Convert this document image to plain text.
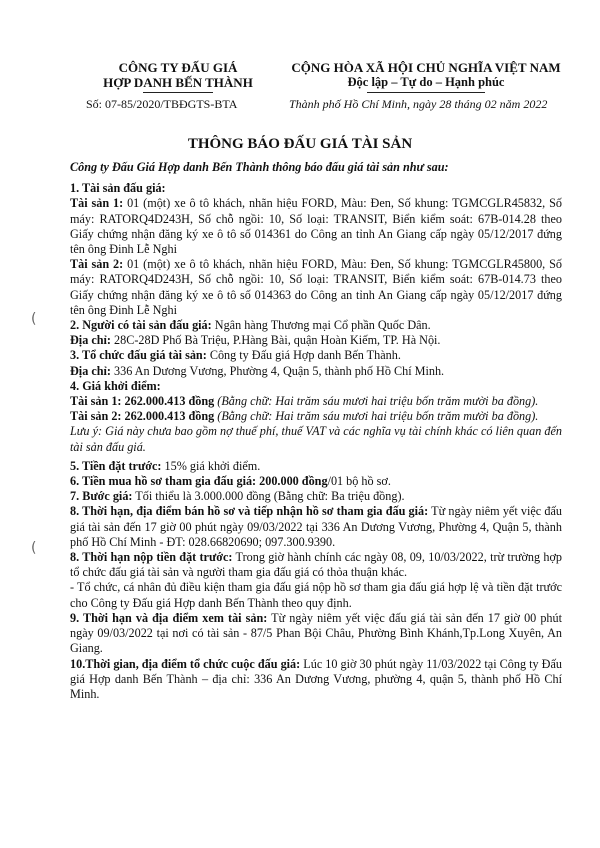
CÔNG TY ĐẤU GIÁ
HỢP DANH BẾN THÀNH
Số: 07-85/2020/TBĐGTS-BTA
CỘNG HÒA XÃ HỘI CHỦ NGHĨA VIỆT NAM
Độc lập – Tự do – Hạnh phúc
Thành phố Hồ Chí Minh, ngày 28 tháng 02 năm 2022
THÔNG BÁO ĐẤU GIÁ TÀI SẢN
(
(

Công ty Đấu Giá Hợp danh Bến Thành thông báo đấu giá tài sản như sau:

1. Tài sản đấu giá:

Tài sản 1: 01 (một) xe ô tô khách, nhãn hiệu FORD, Màu: Đen, Số khung: TGMCGLR45832, Số máy: RATORQ4D243H, Số chỗ ngồi: 10, Số loại: TRANSIT, Biển kiểm soát: 67B-014.28 theo Giấy chứng nhận đăng ký xe ô tô số 014361 do Công an tỉnh An Giang cấp ngày 05/12/2017 đứng tên ông Đinh Lễ Nghi

Tài sản 2: 01 (một) xe ô tô khách, nhãn hiệu FORD, Màu: Đen, Số khung: TGMCGLR45800, Số máy: RATORQ4D243H, Số chỗ ngồi: 10, Số loại: TRANSIT, Biển kiểm soát: 67B-014.73 theo Giấy chứng nhận đăng ký xe ô tô số 014363 do Công an tỉnh An Giang cấp ngày 05/12/2017 đứng tên ông Đinh Lễ Nghi

2. Người có tài sản đấu giá: Ngân hàng Thương mại Cổ phần Quốc Dân.

Địa chỉ: 28C-28D Phố Bà Triệu, P.Hàng Bài, quận Hoàn Kiếm, TP. Hà Nội.

3. Tổ chức đấu giá tài sản: Công ty Đấu giá Hợp danh Bến Thành.

Địa chỉ: 336 An Dương Vương, Phường 4, Quận 5, thành phố Hồ Chí Minh.

4. Giá khởi điểm:

Tài sản 1: 262.000.413 đồng (Bằng chữ: Hai trăm sáu mươi hai triệu bốn trăm mười ba đồng).

Tài sản 2: 262.000.413 đồng (Bằng chữ: Hai trăm sáu mươi hai triệu bốn trăm mười ba đồng).

Lưu ý: Giá này chưa bao gồm nợ thuế phí, thuế VAT và các nghĩa vụ tài chính khác có liên quan đến tài sản đấu giá.

5. Tiền đặt trước: 15% giá khởi điểm.

6. Tiền mua hồ sơ tham gia đấu giá: 200.000 đồng/01 bộ hồ sơ.

7. Bước giá: Tối thiểu là 3.000.000 đồng (Bằng chữ: Ba triệu đồng).

8. Thời hạn, địa điểm bán hồ sơ và tiếp nhận hồ sơ tham gia đấu giá: Từ ngày niêm yết việc đấu giá tài sản đến 17 giờ 00 phút ngày 09/03/2022 tại 336 An Dương Vương, Phường 4, Quận 5, thành phố Hồ Chí Minh - ĐT: 028.66820690; 097.300.9390.

8. Thời hạn nộp tiền đặt trước: Trong giờ hành chính các ngày 08, 09, 10/03/2022, trừ trường hợp tổ chức đấu giá tài sản và người tham gia đấu giá có thỏa thuận khác.

- Tổ chức, cá nhân đủ điều kiện tham gia đấu giá nộp hồ sơ tham gia đấu giá hợp lệ và tiền đặt trước cho Công ty Đấu giá Hợp danh Bến Thành theo quy định.

9. Thời hạn và địa điểm xem tài sản: Từ ngày niêm yết việc đấu giá tài sản đến 17 giờ 00 phút ngày 09/03/2022 tại nơi có tài sản - 87/5 Phan Bội Châu, Phường Bình Khánh,Tp.Long Xuyên, An Giang.

10.Thời gian, địa điểm tổ chức cuộc đấu giá: Lúc 10 giờ 30 phút ngày 11/03/2022 tại Công ty Đấu giá Hợp danh Bến Thành – địa chỉ: 336 An Dương Vương, phường 4, quận 5, thành phố Hồ Chí Minh.
